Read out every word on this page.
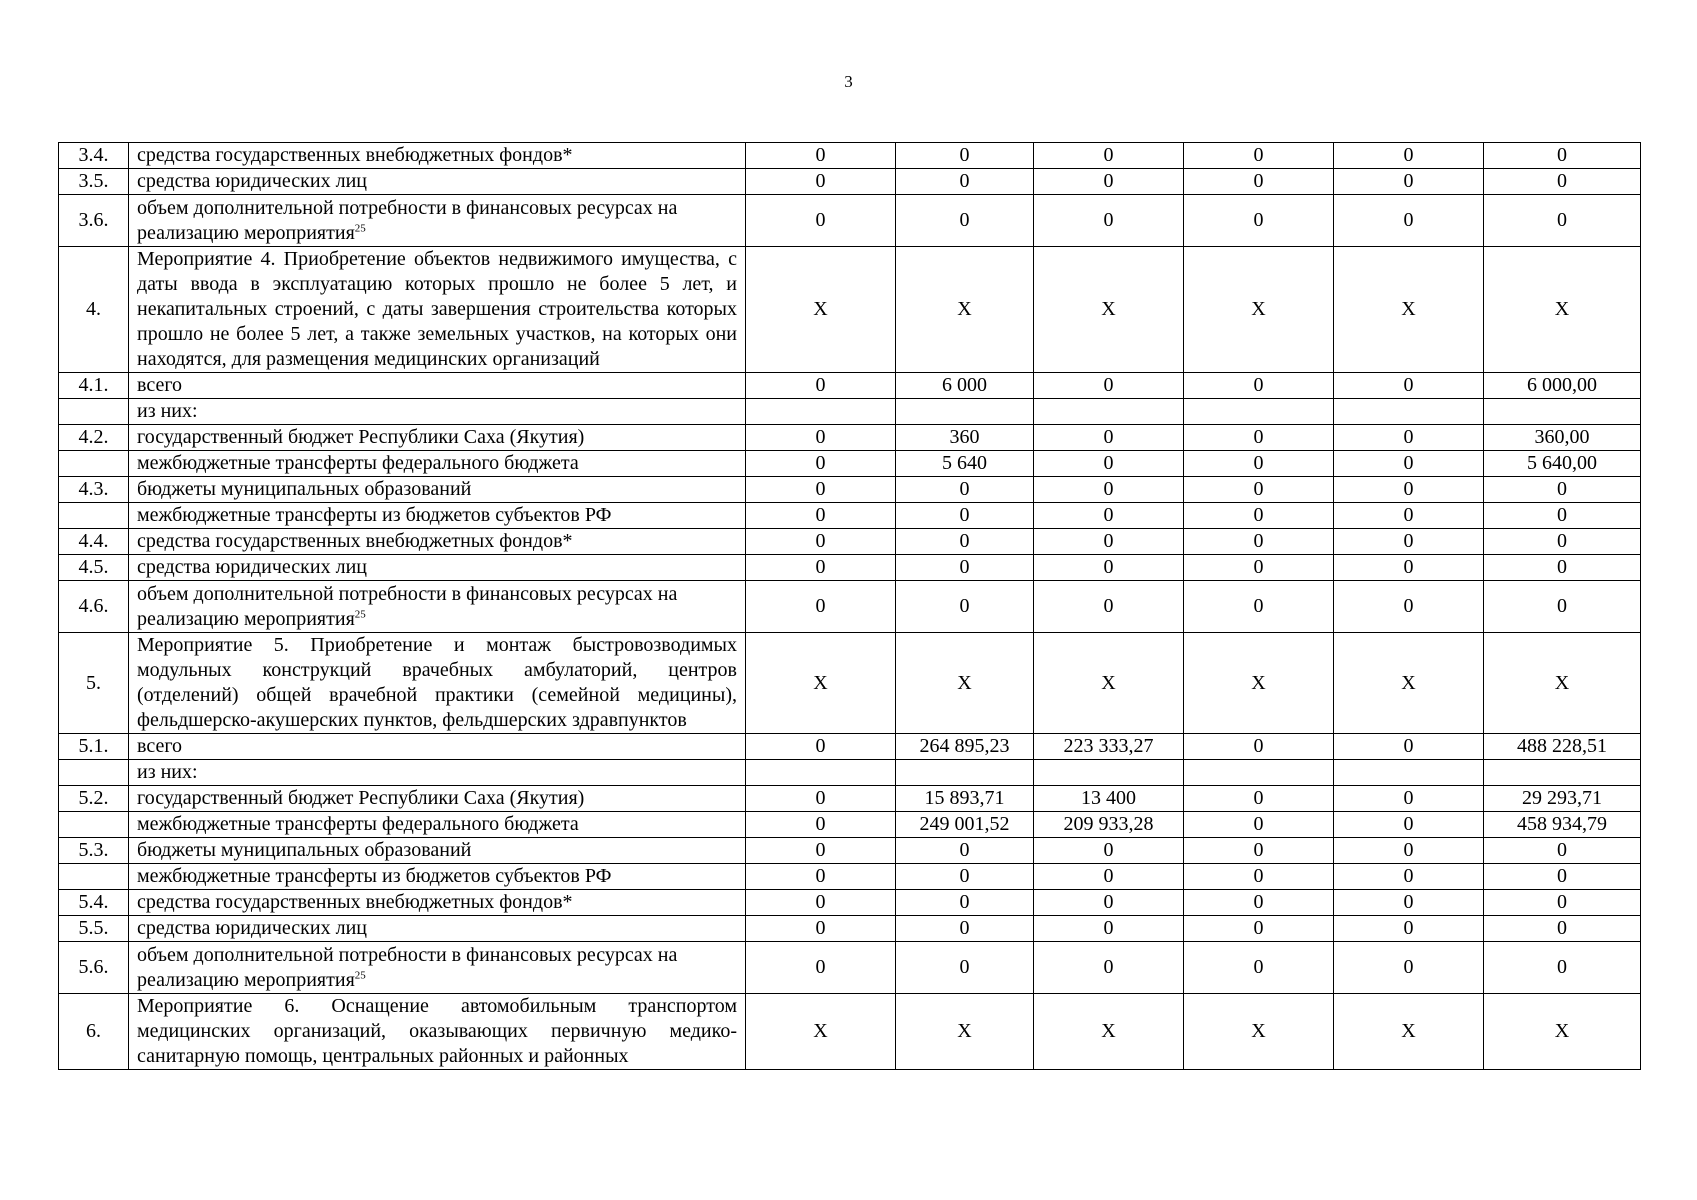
3
3.4.	средства государственных внебюджетных фондов*	0	0	0	0	0	0
3.5.	средства юридических лиц	0	0	0	0	0	0
3.6.	объем дополнительной потребности в финансовых ресурсах на реализацию мероприятия$^{25}$	0	0	0	0	0	0
4.	Мероприятие 4. Приобретение объектов недвижимого имущества, с даты ввода в эксплуатацию которых прошло не более 5 лет, и некапитальных строений, с даты завершения строительства которых прошло не более 5 лет, а также земельных участков, на которых они находятся, для размещения медицинских организаций	X	X	X	X	X	X
4.1.	всего	0	6 000	0	0	0	6 000,00
	из них:						
4.2.	государственный бюджет Республики Саха (Якутия)	0	360	0	0	0	360,00
	межбюджетные трансферты федерального бюджета	0	5 640	0	0	0	5 640,00
4.3.	бюджеты муниципальных образований	0	0	0	0	0	0
	межбюджетные трансферты из бюджетов субъектов РФ	0	0	0	0	0	0
4.4.	средства государственных внебюджетных фондов*	0	0	0	0	0	0
4.5.	средства юридических лиц	0	0	0	0	0	0
4.6.	объем дополнительной потребности в финансовых ресурсах на реализацию мероприятия$^{25}$	0	0	0	0	0	0
5.	Мероприятие 5. Приобретение и монтаж быстровозводимых модульных конструкций врачебных амбулаторий, центров (отделений) общей врачебной практики (семейной медицины), фельдшерско-акушерских пунктов, фельдшерских здравпунктов	X	X	X	X	X	X
5.1.	всего	0	264 895,23	223 333,27	0	0	488 228,51
	из них:						
5.2.	государственный бюджет Республики Саха (Якутия)	0	15 893,71	13 400	0	0	29 293,71
	межбюджетные трансферты федерального бюджета	0	249 001,52	209 933,28	0	0	458 934,79
5.3.	бюджеты муниципальных образований	0	0	0	0	0	0
	межбюджетные трансферты из бюджетов субъектов РФ	0	0	0	0	0	0
5.4.	средства государственных внебюджетных фондов*	0	0	0	0	0	0
5.5.	средства юридических лиц	0	0	0	0	0	0
5.6.	объем дополнительной потребности в финансовых ресурсах на реализацию мероприятия$^{25}$	0	0	0	0	0	0
6.	Мероприятие 6. Оснащение автомобильным транспортом медицинских организаций, оказывающих первичную медико-санитарную помощь, центральных районных и районных	X	X	X	X	X	X
